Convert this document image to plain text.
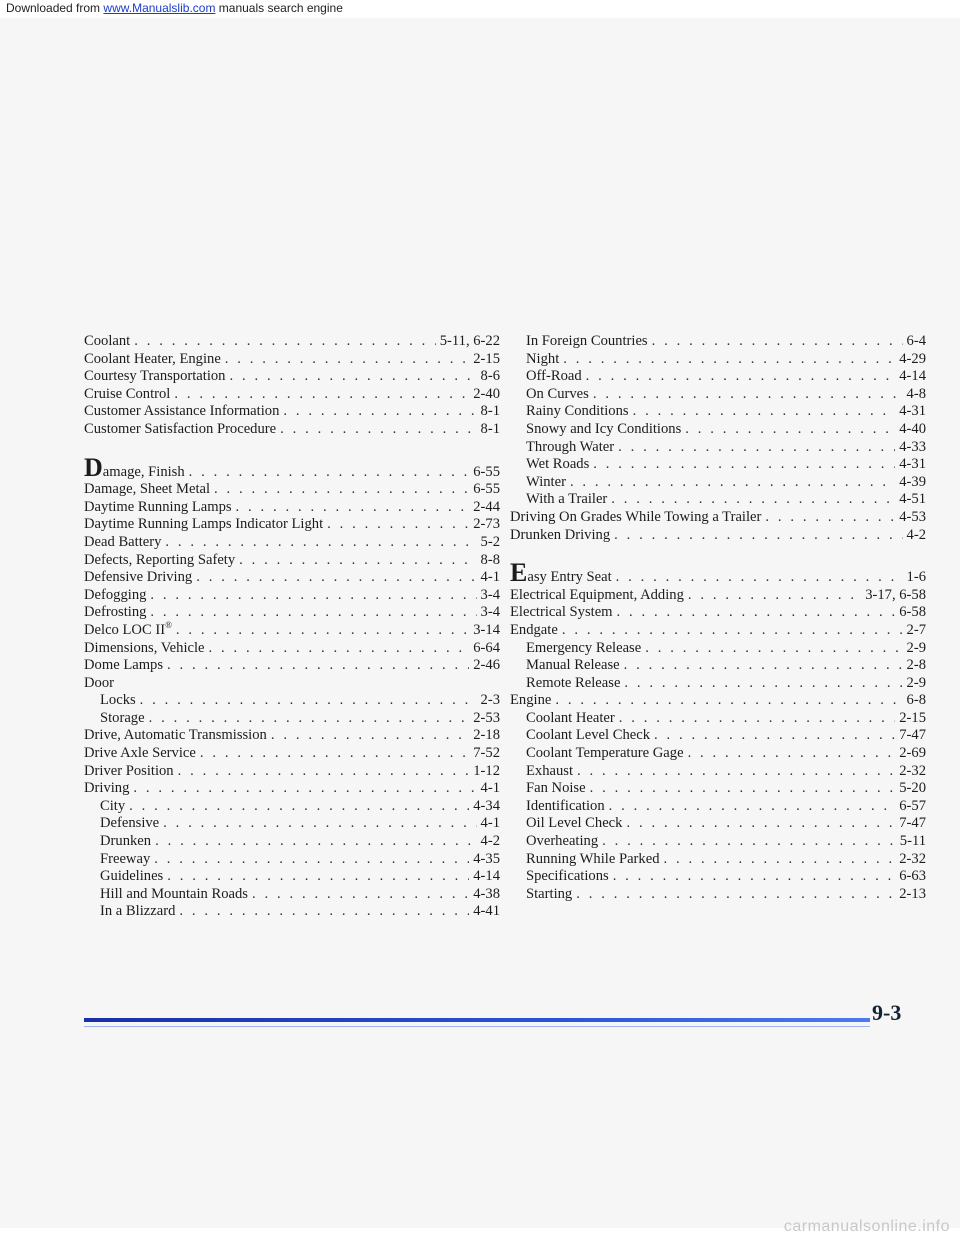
Downloaded from www.Manualslib.com manuals search engine
Coolant . . .	5-11, 6-22
Coolant Heater, Engine . . .	2-15
Courtesy Transportation . . .	8-6
Cruise Control . . .	2-40
Customer Assistance Information . . .	8-1
Customer Satisfaction Procedure . . .	8-1
Damage, Finish . . .	6-55
Damage, Sheet Metal . . .	6-55
Daytime Running Lamps . . .	2-44
Daytime Running Lamps Indicator Light . . .	2-73
Dead Battery . . .	5-2
Defects, Reporting Safety . . .	8-8
Defensive Driving . . .	4-1
Defogging . . .	3-4
Defrosting . . .	3-4
Delco LOC II® . . .	3-14
Dimensions, Vehicle . . .	6-64
Dome Lamps . . .	2-46
Door
Locks . . .	2-3
Storage . . .	2-53
Drive, Automatic Transmission . . .	2-18
Drive Axle Service . . .	7-52
Driver Position . . .	1-12
Driving . . .	4-1
City . . .	4-34
Defensive . . .	4-1
Drunken . . .	4-2
Freeway . . .	4-35
Guidelines . . .	4-14
Hill and Mountain Roads . . .	4-38
In a Blizzard . . .	4-41
In Foreign Countries . . .	6-4
Night . . .	4-29
Off-Road . . .	4-14
On Curves . . .	4-8
Rainy Conditions . . .	4-31
Snowy and Icy Conditions . . .	4-40
Through Water . . .	4-33
Wet Roads . . .	4-31
Winter . . .	4-39
With a Trailer . . .	4-51
Driving On Grades While Towing a Trailer . . .	4-53
Drunken Driving . . .	4-2
Easy Entry Seat . . .	1-6
Electrical Equipment, Adding . . .	3-17, 6-58
Electrical System . . .	6-58
Endgate . . .	2-7
Emergency Release . . .	2-9
Manual Release . . .	2-8
Remote Release . . .	2-9
Engine . . .	6-8
Coolant Heater . . .	2-15
Coolant Level Check . . .	7-47
Coolant Temperature Gage . . .	2-69
Exhaust . . .	2-32
Fan Noise . . .	5-20
Identification . . .	6-57
Oil Level Check . . .	7-47
Overheating . . .	5-11
Running While Parked . . .	2-32
Specifications . . .	6-63
Starting . . .	2-13
9-3
carmanualsonline.info
